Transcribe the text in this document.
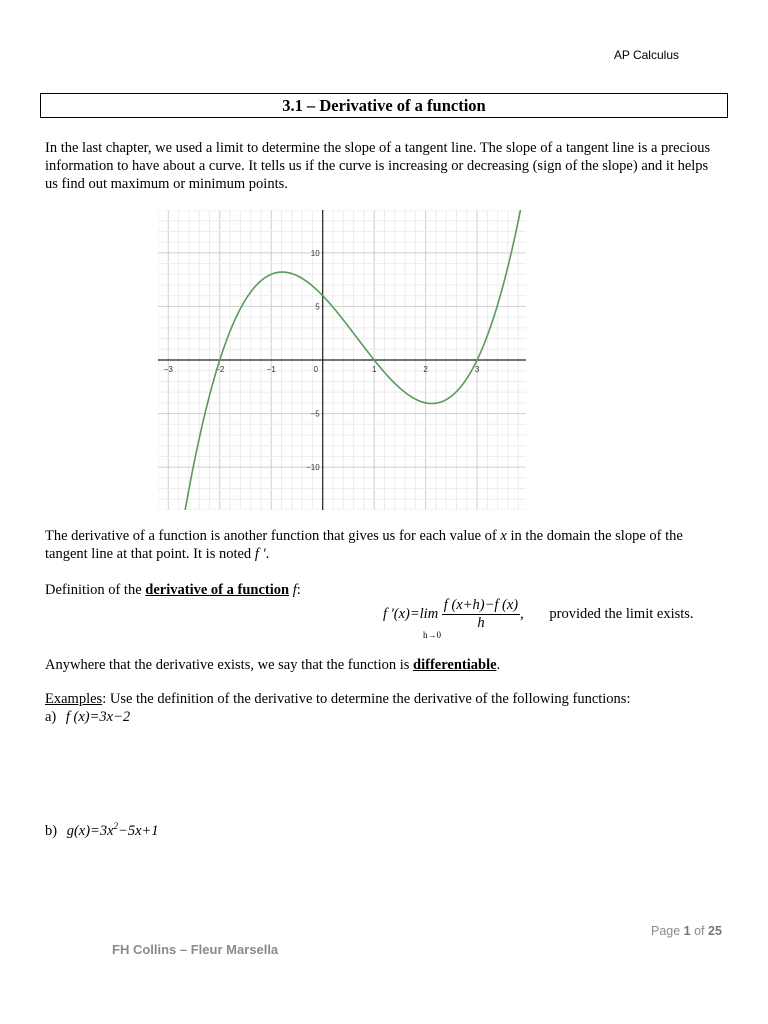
AP Calculus
3.1 – Derivative of a function
In the last chapter, we used a limit to determine the slope of a tangent line. The slope of a tangent line is a precious information to have about a curve. It tells us if the curve is increasing or decreasing (sign of the slope) and it helps us find out maximum or minimum points.
−3	−2	−1	0	1	2	3
10
5
−5
−10
The derivative of a function is another function that gives us for each value of x in the domain the slope of the tangent line at that point. It is noted f '.
Definition of the derivative of a function f:
f '(x)=lim
h→0

$\frac{f (x+h)-f (x)}{h}$ , provided the limit exists.
Anywhere that the derivative exists, we say that the function is differentiable.
Examples: Use the definition of the derivative to determine the derivative of the following functions:
a) f (x)=3x−2
b) $g(x)=3x^2-5x+1$
Page 1 of 25
FH Collins – Fleur Marsella
